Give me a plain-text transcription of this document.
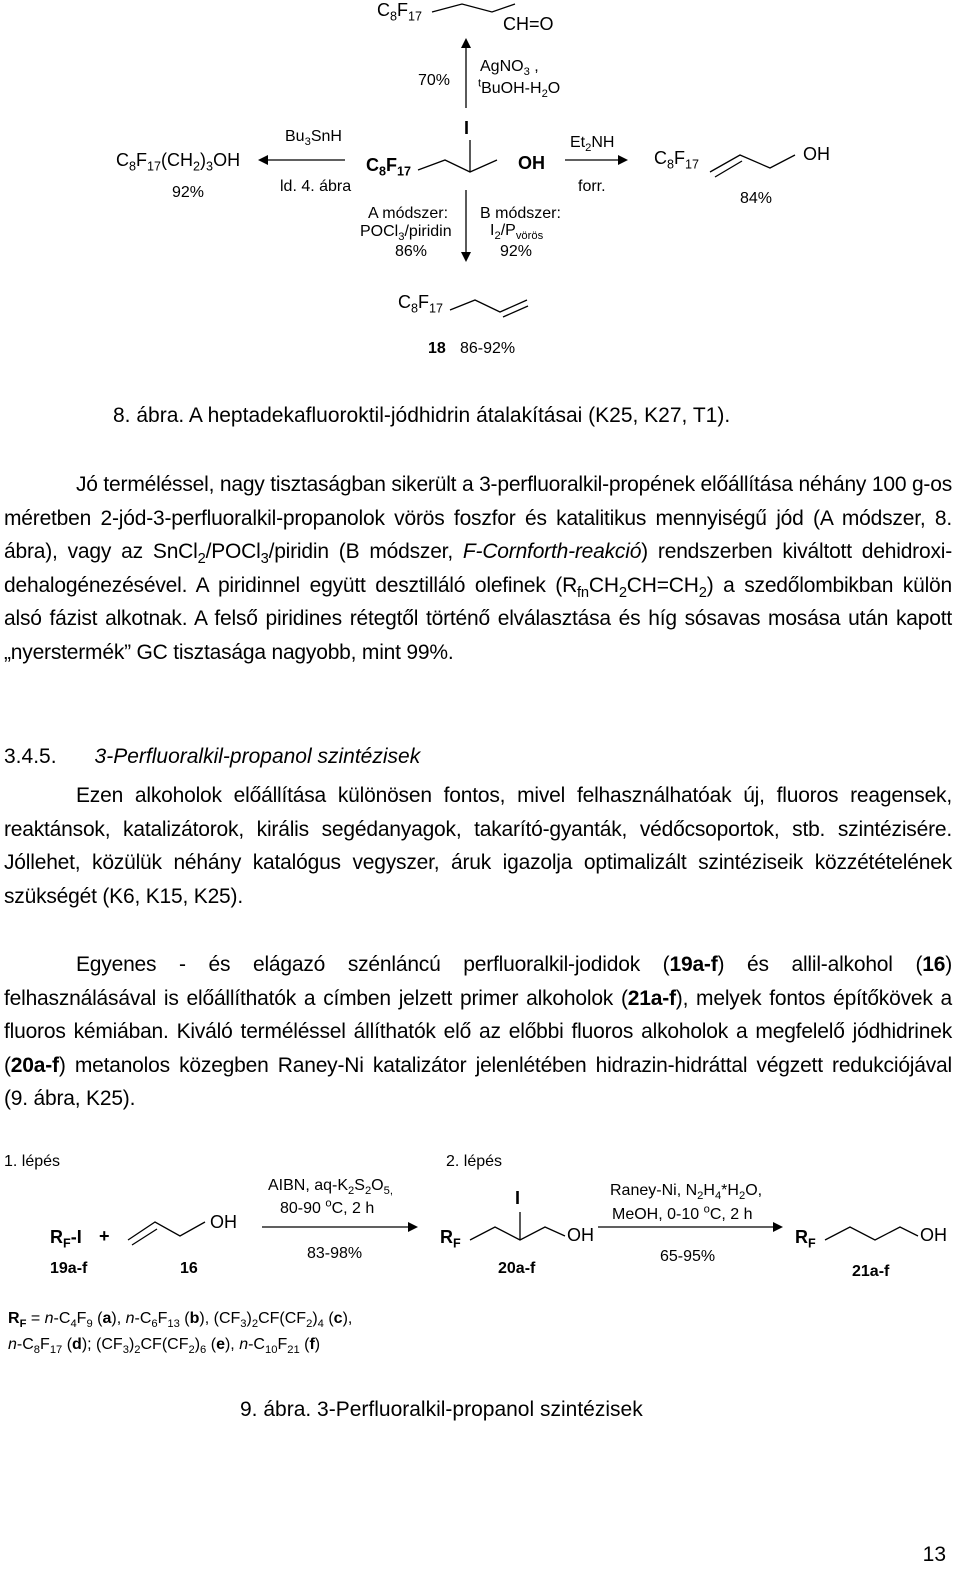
$C_8F_{17}$	CH=O
70%
AgNO$_3$ ,
$^tBuOH-H_2O$
$C_8F_{17}(CH_2)_3OH$
92%
$Bu_3SnH$
ld. 4. ábra
$C_8F_{17}$
I
OH
$Et_2NH$
forr.
$C_8F_{17}$
OH
84%
A módszer:
POCl$_3$/piridin
86%
B módszer:
$I_2/P_{vörös}$
92%
$C_8F_{17}$
18 86-92%
8. ábra. A heptadekafluoroktil-jódhidrin átalakításai (K25, K27, T1).
Jó terméléssel, nagy tisztaságban sikerült a 3-perfluoralkil-propének előállítása néhány 100 g-os méretben 2-jód-3-perfluoralkil-propanolok vörös foszfor és katalitikus mennyiségű jód (A módszer, 8. ábra), vagy az SnCl$_2$/POCl$_3$/piridin (B módszer, F-Cornforth-reakció) rendszerben kiváltott dehidroxi-dehalogénezésével. A piridinnel együtt desztilláló olefinek $(R_{fn}CH_2CH=CH_2)$ a szedőlombikban külön alsó fázist alkotnak. A felső piridines rétegtől történő elválasztása és híg sósavas mosása után kapott „nyerstermék” GC tisztasága nagyobb, mint 99%.
3.4.5. 3-Perfluoralkil-propanol szintézisek
Ezen alkoholok előállítása különösen fontos, mivel felhasználhatóak új, fluoros reagensek, reaktánsok, katalizátorok, királis segédanyagok, takarító-gyanták, védőcsoportok, stb. szintézisére. Jóllehet, közülük néhány katalógus vegyszer, áruk igazolja optimalizált szintéziseik közzétételének szükségét (K6, K15, K25).
Egyenes - és elágazó szénláncú perfluoralkil-jodidok (19a-f) és allil-alkohol (16) felhasználásával is előállíthatók a címben jelzett primer alkoholok (21a-f), melyek fontos építőkövek a fluoros kémiában. Kiváló terméléssel állíthatók elő az előbbi fluoros alkoholok a megfelelő jódhidrinek (20a-f) metanolos közegben Raney-Ni katalizátor jelenlétében hidrazin-hidráttal végzett redukciójával (9. ábra, K25).
1. lépés	2. lépés
$R_F-I$ +
19a-f	16
OH
AIBN, $aq-K_2S_2O_{5,}$
80-90 $^o$C, 2 h
83-98%
$R_F$
I
OH
20a-f
Raney-Ni, $N_2H_4*H_2O$,
MeOH, 0-10 $^o$C, 2 h
65-95%
$R_F$	OH
21a-f
$R_F = n-C_4F_9$ (a), $n-C_6F_{13}$ (b), $(CF_3)_2CF(CF_2)_4$ (c),
$n-C_8F_{17}$ (d); $(CF_3)_2CF(CF_2)_6$ (e), $n-C_{10}F_{21}$ (f)
9. ábra. 3-Perfluoralkil-propanol szintézisek
13
